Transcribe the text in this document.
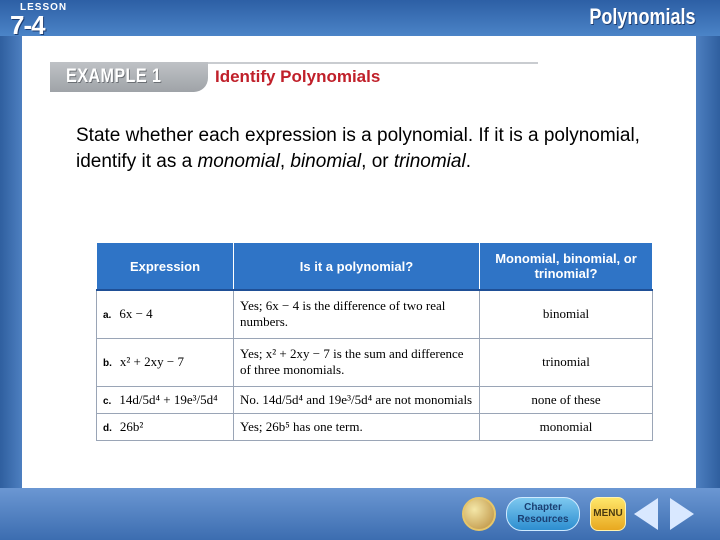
LESSON
7-4	Polynomials
EXAMPLE 1	Identify Polynomials
State whether each expression is a polynomial. If it is a polynomial, identify it as a monomial, binomial, or trinomial.
Expression	Is it a polynomial?	Monomial, binomial, or trinomial?
a. 6x − 4	Yes; 6x − 4 is the difference of two real numbers.	binomial
b. x² + 2xy − 7	Yes; x² + 2xy − 7 is the sum and difference of three monomials.	trinomial
c. 14d/5d⁴ + 19e³/5d⁴	No. 14d/5d⁴ and 19e³/5d⁴ are not monomials	none of these
d. 26b²	Yes; 26b⁵ has one term.	monomial
Chapter Resources
MENU
